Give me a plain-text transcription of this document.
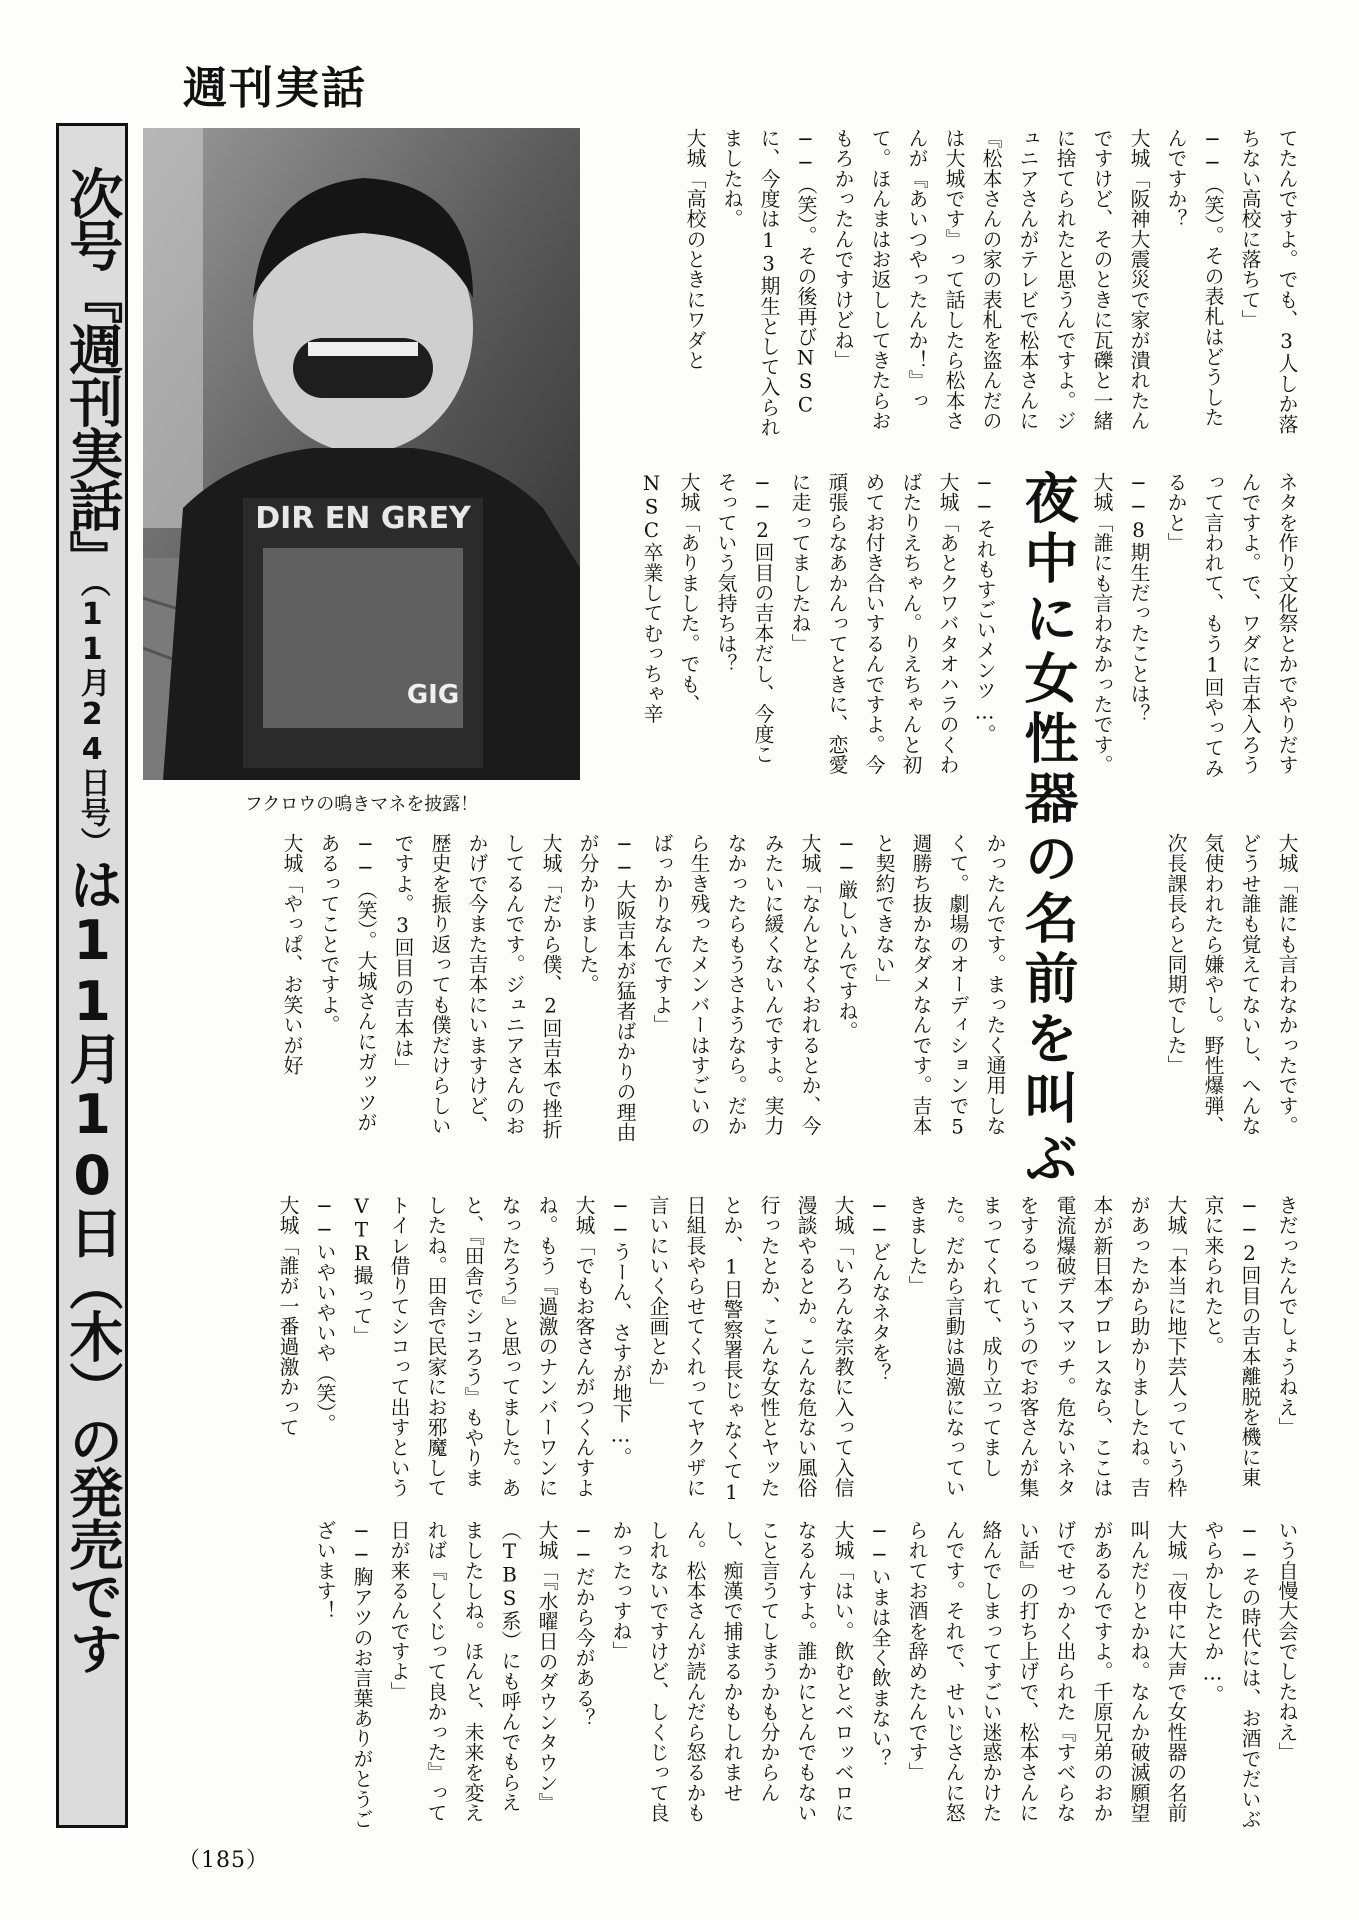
週刊実話
次号『週刊実話』（11月24日号）は11月10日（木）の発売です
DIR EN GREY
GIG

フクロウの鳴きマネを披露！	夜中に女性器の名前を叫ぶ

てたんですよ。でも、3人しか落ちない高校に落ちて」

──（笑）。その表札はどうしたんですか？

大城「阪神大震災で家が潰れたんですけど、そのときに瓦礫と一緒に捨てられたと思うんですよ。ジュニアさんがテレビで松本さんに『松本さんの家の表札を盗んだのは大城です』って話したら松本さんが『あいつやったんか！』って。ほんまはお返ししてきたらおもろかったんですけどね」

──（笑）。その後再びNSCに、今度は13期生として入られましたね。

大城「高校のときにワダと

ネタを作り文化祭とかでやりだすんですよ。で、ワダに吉本入ろうって言われて、もう1回やってみるかと」

──8期生だったことは？

大城「誰にも言わなかったです。

──それもすごいメンツ…。

大城「あとクワバタオハラのくわばたりえちゃん。りえちゃんと初めてお付き合いするんですよ。今頑張らなあかんってときに、恋愛に走ってましたね」

──2回目の吉本だし、今度こそっていう気持ちは？

大城「ありました。でも、NSC卒業してむっちゃ辛

かったんです。まったく通用しなくて。劇場のオーディションで5週勝ち抜かなダメなんです。吉本と契約できない」

──厳しいんですね。

大城「なんとなくおれるとか、今みたいに緩くないんですよ。実力なかったらもうさようなら。だから生き残ったメンバーはすごいのばっかりなんですよ」

──大阪吉本が猛者ばかりの理由が分かりました。

大城「だから僕、2回吉本で挫折してるんです。ジュニアさんのおかげで今また吉本にいますけど、歴史を振り返っても僕だけらしいですよ。3回目の吉本は」

──（笑）。大城さんにガッツがあるってことですよ。

大城「やっぱ、お笑いが好	大城「誰にも言わなかったです。どうせ誰も覚えてないし、へんな気使われたら嫌やし。野性爆弾、次長課長らと同期でした」

きだったんでしょうねえ」

──2回目の吉本離脱を機に東京に来られたと。

大城「本当に地下芸人っていう枠があったから助かりましたね。吉本が新日本プロレスなら、ここは電流爆破デスマッチ。危ないネタをするっていうのでお客さんが集まってくれて、成り立ってました。だから言動は過激になっていきました」

──どんなネタを？

大城「いろんな宗教に入って入信漫談やるとか。こんな危ない風俗行ったとか、こんな女性とヤッたとか、1日警察署長じゃなくて1日組長やらせてくれってヤクザに言いにいく企画とか」

──うーん、さすが地下…。

大城「でもお客さんがつくんすよね。もう『過激のナンバーワンになったろう』と思ってました。あと、『田舎でシコろう』もやりましたね。田舎で民家にお邪魔してトイレ借りてシコって出すというVTR撮って」

──いやいやいや（笑）。

大城「誰が一番過激かって

いう自慢大会でしたねえ」

──その時代には、お酒でだいぶやらかしたとか…。

大城「夜中に大声で女性器の名前叫んだりとかね。なんか破滅願望があるんですよ。千原兄弟のおかげでせっかく出られた『すべらない話』の打ち上げで、松本さんに絡んでしまってすごい迷惑かけたんです。それで、せいじさんに怒られてお酒を辞めたんです」

──いまは全く飲まない？

大城「はい。飲むとベロッベロになるんすよ。誰かにとんでもないこと言うてしまうかも分からんし、痴漢で捕まるかもしれません。松本さんが読んだら怒るかもしれないですけど、しくじって良かったっすね」

──だから今がある？

大城「『水曜日のダウンタウン』（TBS系）にも呼んでもらえましたしね。ほんと、未来を変えれば『しくじって良かった』って日が来るんですよ」

──胸アツのお言葉ありがとうございます！

（185）
